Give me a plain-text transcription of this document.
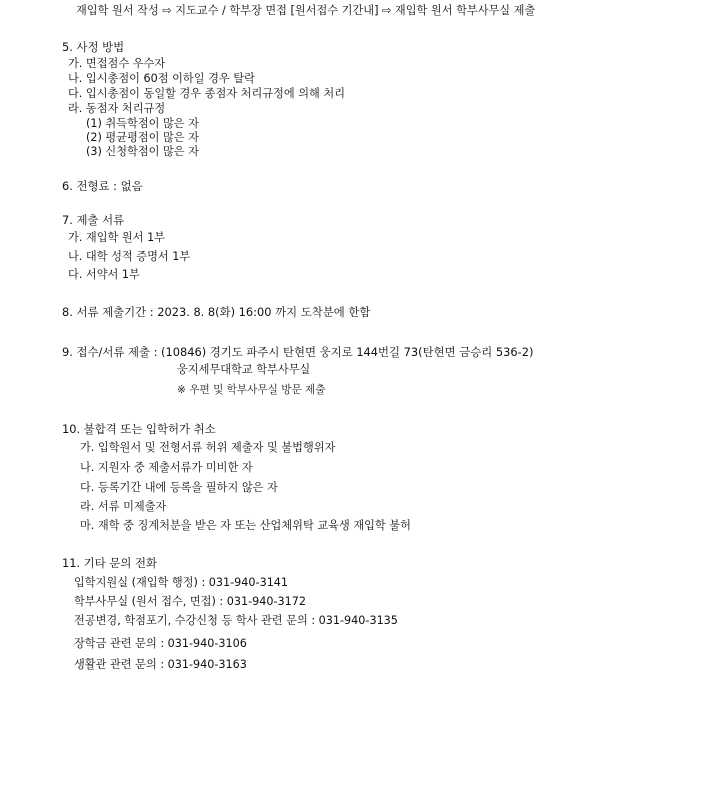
재입학 원서 작성 ⇨ 지도교수 / 학부장 면접 [원서접수 기간내] ⇨ 재입학 원서 학부사무실 제출
5. 사정 방법
가. 면접점수 우수자
나. 입시총점이 60점 이하일 경우 탈락
다. 입시총점이 동일할 경우 종점자 처리규정에 의해 처리
라. 동점자 처리규정
(1) 취득학점이 많은 자
(2) 평균평점이 많은 자
(3) 신청학점이 많은 자
6. 전형료 : 없음
7. 제출 서류
가. 재입학 원서 1부
나. 대학 성적 증명서 1부
다. 서약서 1부
8. 서류 제출기간 : 2023. 8. 8(화) 16:00 까지 도착분에 한함
9. 접수/서류 제출 : (10846) 경기도 파주시 탄현면 웅지로 144번길 73(탄현면 금승리 536-2)
웅지세무대학교 학부사무실
※ 우편 및 학부사무실 방문 제출
10. 불합격 또는 입학허가 취소
가. 입학원서 및 전형서류 허위 제출자 및 불법행위자
나. 지원자 중 제출서류가 미비한 자
다. 등록기간 내에 등록을 필하지 않은 자
라. 서류 미제출자
마. 재학 중 징계처분을 받은 자 또는 산업체위탁 교육생 재입학 불허
11. 기타 문의 전화
입학지원실 (재입학 행정) : 031-940-3141
학부사무실 (원서 접수, 면접) : 031-940-3172
전공변경, 학점포기, 수강신청 등 학사 관련 문의 : 031-940-3135
장학금 관련 문의 : 031-940-3106
생활관 관련 문의 : 031-940-3163
